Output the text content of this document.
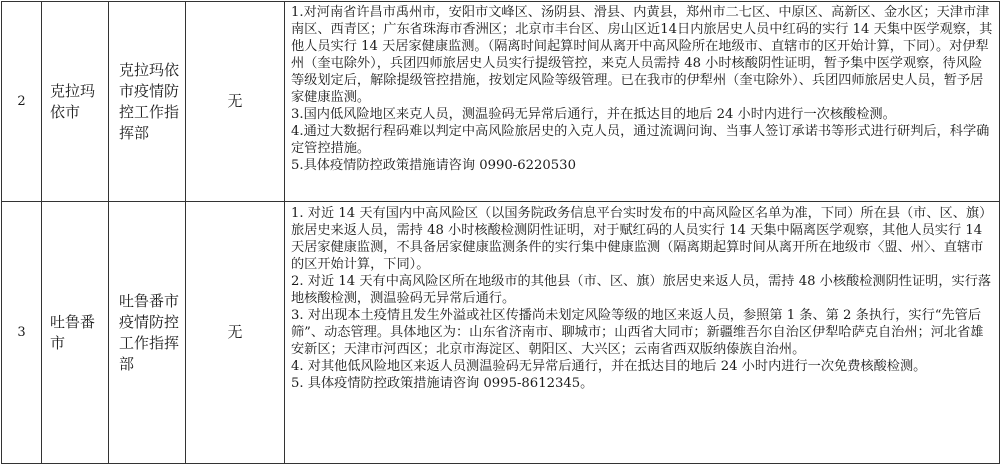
2	克拉玛依市	克拉玛依市疫情防控工作指挥部	无	1.对河南省许昌市禹州市，安阳市文峰区、汤阴县、滑县、内黄县，郑州市二七区、中原区、高新区、金水区；天津市津南区、西青区；广东省珠海市香洲区；北京市丰台区、房山区近14日内旅居史人员中红码的实行 14 天集中医学观察，其他人员实行 14 天居家健康监测。（隔离时间起算时间从离开中高风险所在地级市、直辖市的区开始计算，下同）。对伊犁州（奎屯除外），兵团四师旅居史人员实行提级管控，来克人员需持 48 小时核酸阴性证明，暂予集中医学观察，待风险等级划定后，解除提级管控措施，按划定风险等级管理。已在我市的伊犁州（奎屯除外）、兵团四师旅居史人员，暂予居家健康监测。

3.国内低风险地区来克人员，测温验码无异常后通行，并在抵达目的地后 24 小时内进行一次核酸检测。

4.通过大数据行程码难以判定中高风险旅居史的入克人员，通过流调问询、当事人签订承诺书等形式进行研判后，科学确定管控措施。

5.具体疫情防控政策措施请咨询 0990-6220530

3	吐鲁番市	吐鲁番市疫情防控工作指挥部	无	1. 对近 14 天有国内中高风险区（以国务院政务信息平台实时发布的中高风险区名单为准，下同）所在县（市、区、旗）旅居史来返人员，需持 48 小时核酸检测阴性证明，对于赋红码的人员实行 14 天集中隔离医学观察，其他人员实行 14 天居家健康监测，不具备居家健康监测条件的实行集中健康监测（隔离期起算时间从离开所在地级市〈盟、州〉、直辖市的区开始计算，下同）。

2. 对近 14 天有中高风险区所在地级市的其他县（市、区、旗）旅居史来返人员，需持 48 小核酸检测阴性证明，实行落地核酸检测，测温验码无异常后通行。

3. 对出现本土疫情且发生外溢或社区传播尚未划定风险等级的地区来返人员，参照第 1 条、第 2 条执行，实行“先管后筛”、动态管理。具体地区为：山东省济南市、聊城市；山西省大同市；新疆维吾尔自治区伊犁哈萨克自治州；河北省雄安新区；天津市河西区；北京市海淀区、朝阳区、大兴区；云南省西双版纳傣族自治州。

4. 对其他低风险地区来返人员测温验码无异常后通行，并在抵达目的地后 24 小时内进行一次免费核酸检测。

5. 具体疫情防控政策措施请咨询 0995-8612345。
